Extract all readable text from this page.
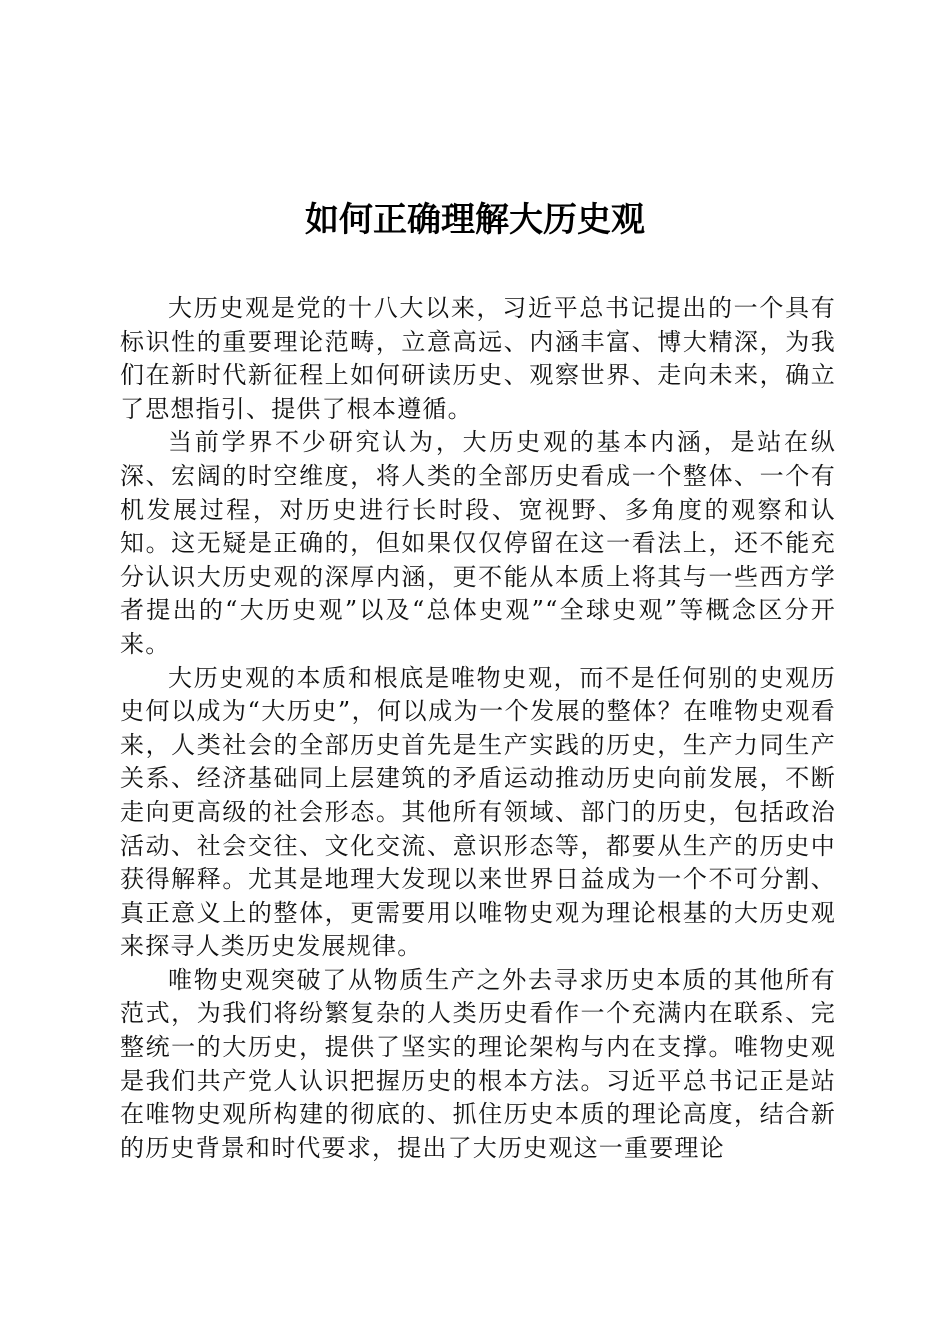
如何正确理解大历史观

大历史观是党的十八大以来，习近平总书记提出的一个具有标识性的重要理论范畴，立意高远、内涵丰富、博大精深，为我们在新时代新征程上如何研读历史、观察世界、走向未来，确立了思想指引、提供了根本遵循。

当前学界不少研究认为，大历史观的基本内涵，是站在纵深、宏阔的时空维度，将人类的全部历史看成一个整体、一个有机发展过程，对历史进行长时段、宽视野、多角度的观察和认知。这无疑是正确的，但如果仅仅停留在这一看法上，还不能充分认识大历史观的深厚内涵，更不能从本质上将其与一些西方学者提出的“大历史观”以及“总体史观”“全球史观”等概念区分开来。

大历史观的本质和根底是唯物史观，而不是任何别的史观历史何以成为“大历史”，何以成为一个发展的整体？在唯物史观看来，人类社会的全部历史首先是生产实践的历史，生产力同生产关系、经济基础同上层建筑的矛盾运动推动历史向前发展，不断走向更高级的社会形态。其他所有领域、部门的历史，包括政治活动、社会交往、文化交流、意识形态等，都要从生产的历史中获得解释。尤其是地理大发现以来世界日益成为一个不可分割、真正意义上的整体，更需要用以唯物史观为理论根基的大历史观来探寻人类历史发展规律。

唯物史观突破了从物质生产之外去寻求历史本质的其他所有范式，为我们将纷繁复杂的人类历史看作一个充满内在联系、完整统一的大历史，提供了坚实的理论架构与内在支撑。唯物史观是我们共产党人认识把握历史的根本方法。习近平总书记正是站在唯物史观所构建的彻底的、抓住历史本质的理论高度，结合新的历史背景和时代要求，提出了大历史观这一重要理论
